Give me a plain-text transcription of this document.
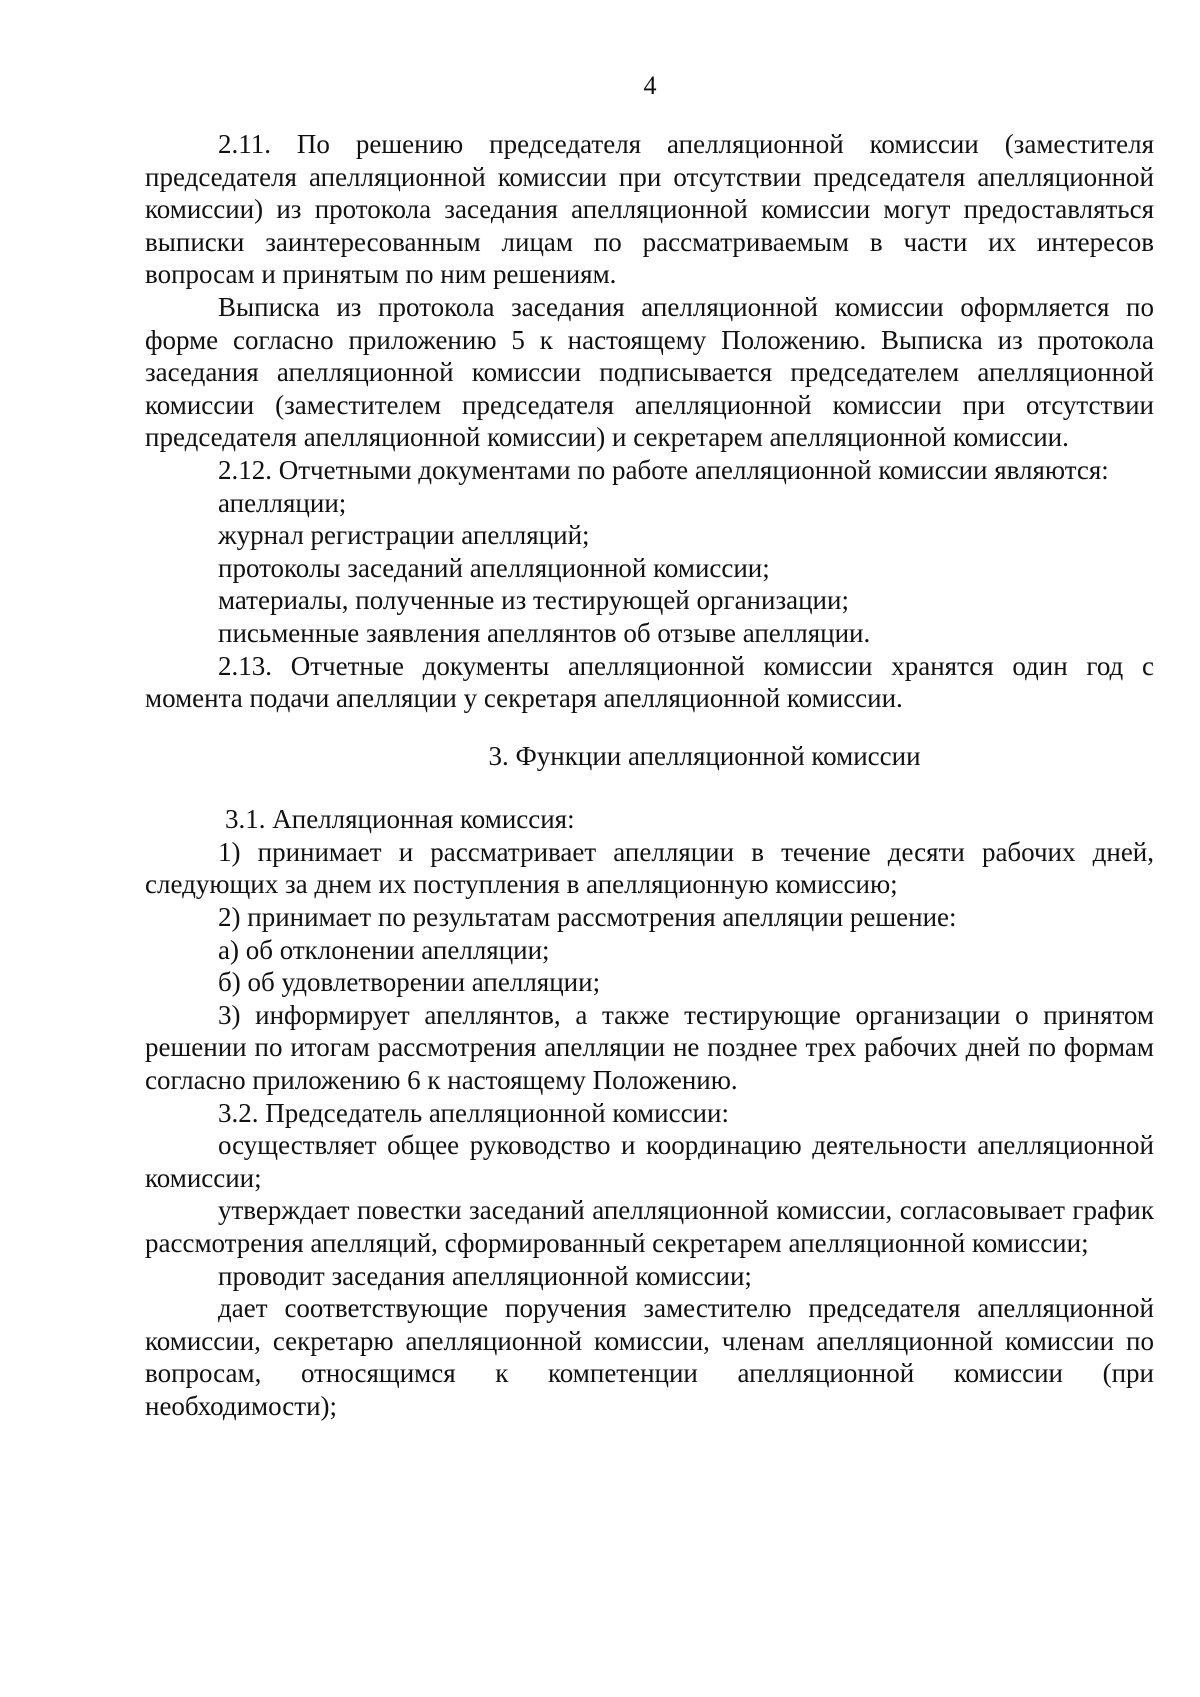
4

2.11. По решению председателя апелляционной комиссии (заместителя председателя апелляционной комиссии при отсутствии председателя апелляционной комиссии) из протокола заседания апелляционной комиссии могут предоставляться выписки заинтересованным лицам по рассматриваемым в части их интересов вопросам и принятым по ним решениям.

Выписка из протокола заседания апелляционной комиссии оформляется по форме согласно приложению 5 к настоящему Положению. Выписка из протокола заседания апелляционной комиссии подписывается председателем апелляционной комиссии (заместителем председателя апелляционной комиссии при отсутствии председателя апелляционной комиссии) и секретарем апелляционной комиссии.

2.12. Отчетными документами по работе апелляционной комиссии являются:

апелляции;

журнал регистрации апелляций;

протоколы заседаний апелляционной комиссии;

материалы, полученные из тестирующей организации;

письменные заявления апеллянтов об отзыве апелляции.

2.13. Отчетные документы апелляционной комиссии хранятся один год с момента подачи апелляции у секретаря апелляционной комиссии.

3. Функции апелляционной комиссии

3.1. Апелляционная комиссия:

1) принимает и рассматривает апелляции в течение десяти рабочих дней, следующих за днем их поступления в апелляционную комиссию;

2) принимает по результатам рассмотрения апелляции решение:

а) об отклонении апелляции;

б) об удовлетворении апелляции;

3) информирует апеллянтов, а также тестирующие организации о принятом решении по итогам рассмотрения апелляции не позднее трех рабочих дней по формам согласно приложению 6 к настоящему Положению.

3.2. Председатель апелляционной комиссии:

осуществляет общее руководство и координацию деятельности апелляционной комиссии;

утверждает повестки заседаний апелляционной комиссии, согласовывает график рассмотрения апелляций, сформированный секретарем апелляционной комиссии;

проводит заседания апелляционной комиссии;

дает соответствующие поручения заместителю председателя апелляционной комиссии, секретарю апелляционной комиссии, членам апелляционной комиссии по вопросам, относящимся к компетенции апелляционной комиссии (при необходимости);
